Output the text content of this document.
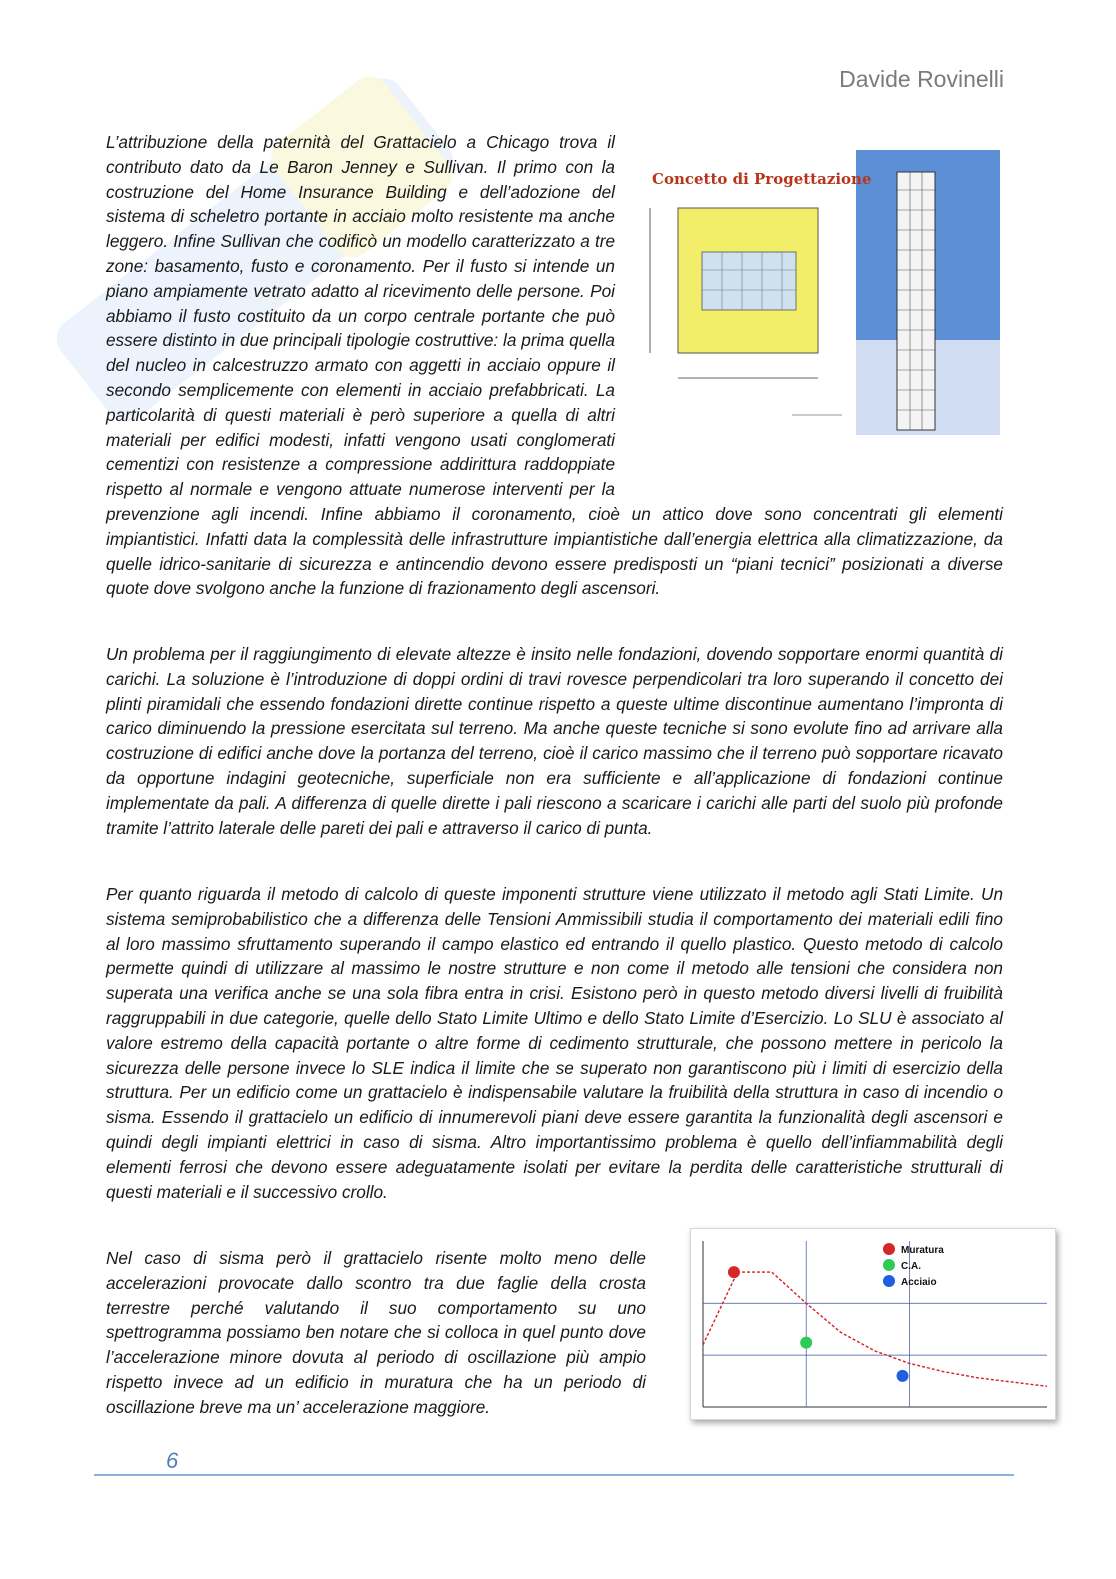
Davide Rovinelli
Concetto di Progettazione
Muratura
C.A.
Acciaio

L’attribuzione della paternità del Grattacielo a Chicago trova il contributo dato da Le Baron Jenney e Sullivan. Il primo con la costruzione del Home Insurance Building e dell’adozione del sistema di scheletro portante in acciaio molto resistente ma anche leggero. Infine Sullivan che codificò un modello caratterizzato a tre zone: basamento, fusto e coronamento. Per il fusto si intende un piano ampiamente vetrato adatto al ricevimento delle persone. Poi abbiamo il fusto costituito da un corpo centrale portante che può essere distinto in due principali tipologie costruttive: la prima quella del nucleo in calcestruzzo armato con aggetti in acciaio oppure il secondo semplicemente con elementi in acciaio prefabbricati. La particolarità di questi materiali è però superiore a quella di altri materiali per edifici modesti, infatti vengono usati conglomerati cementizi con resistenze a compressione addirittura raddoppiate rispetto al normale e vengono attuate numerose interventi per la prevenzione agli incendi. Infine abbiamo il coronamento, cioè un attico dove sono concentrati gli elementi impiantistici. Infatti data la complessità delle infrastrutture impiantistiche dall’energia elettrica alla climatizzazione, da quelle idrico-sanitarie di sicurezza e antincendio devono essere predisposti un “piani tecnici” posizionati a diverse quote dove svolgono anche la funzione di frazionamento degli ascensori.

Un problema per il raggiungimento di elevate altezze è insito nelle fondazioni, dovendo sopportare enormi quantità di carichi. La soluzione è l’introduzione di doppi ordini di travi rovesce perpendicolari tra loro superando il concetto dei plinti piramidali che essendo fondazioni dirette continue rispetto a queste ultime discontinue aumentano l’impronta di carico diminuendo la pressione esercitata sul terreno. Ma anche queste tecniche si sono evolute fino ad arrivare alla costruzione di edifici anche dove la portanza del terreno, cioè il carico massimo che il terreno può sopportare ricavato da opportune indagini geotecniche, superficiale non era sufficiente e all’applicazione di fondazioni continue implementate da pali. A differenza di quelle dirette i pali riescono a scaricare i carichi alle parti del suolo più profonde tramite l’attrito laterale delle pareti dei pali e attraverso il carico di punta.

Per quanto riguarda il metodo di calcolo di queste imponenti strutture viene utilizzato il metodo agli Stati Limite. Un sistema semiprobabilistico che a differenza delle Tensioni Ammissibili studia il comportamento dei materiali edili fino al loro massimo sfruttamento superando il campo elastico ed entrando il quello plastico. Questo metodo di calcolo permette quindi di utilizzare al massimo le nostre strutture e non come il metodo alle tensioni che considera non superata una verifica anche se una sola fibra entra in crisi. Esistono però in questo metodo diversi livelli di fruibilità raggruppabili in due categorie, quelle dello Stato Limite Ultimo e dello Stato Limite d’Esercizio. Lo SLU è associato al valore estremo della capacità portante o altre forme di cedimento strutturale, che possono mettere in pericolo la sicurezza delle persone invece lo SLE indica il limite che se superato non garantiscono più i limiti di esercizio della struttura. Per un edificio come un grattacielo è indispensabile valutare la fruibilità della struttura in caso di incendio o sisma. Essendo il grattacielo un edificio di innumerevoli piani deve essere garantita la funzionalità degli ascensori e quindi degli impianti elettrici in caso di sisma. Altro importantissimo problema è quello dell’infiammabilità degli elementi ferrosi che devono essere adeguatamente isolati per evitare la perdita delle caratteristiche strutturali di questi materiali e il successivo crollo.

Nel caso di sisma però il grattacielo risente molto meno delle accelerazioni provocate dallo scontro tra due faglie della crosta terrestre perché valutando il suo comportamento su uno spettrogramma possiamo ben notare che si colloca in quel punto dove l’accelerazione minore dovuta al periodo di oscillazione più ampio rispetto invece ad un edificio in muratura che ha un periodo di oscillazione breve ma un’ accelerazione maggiore.

6
